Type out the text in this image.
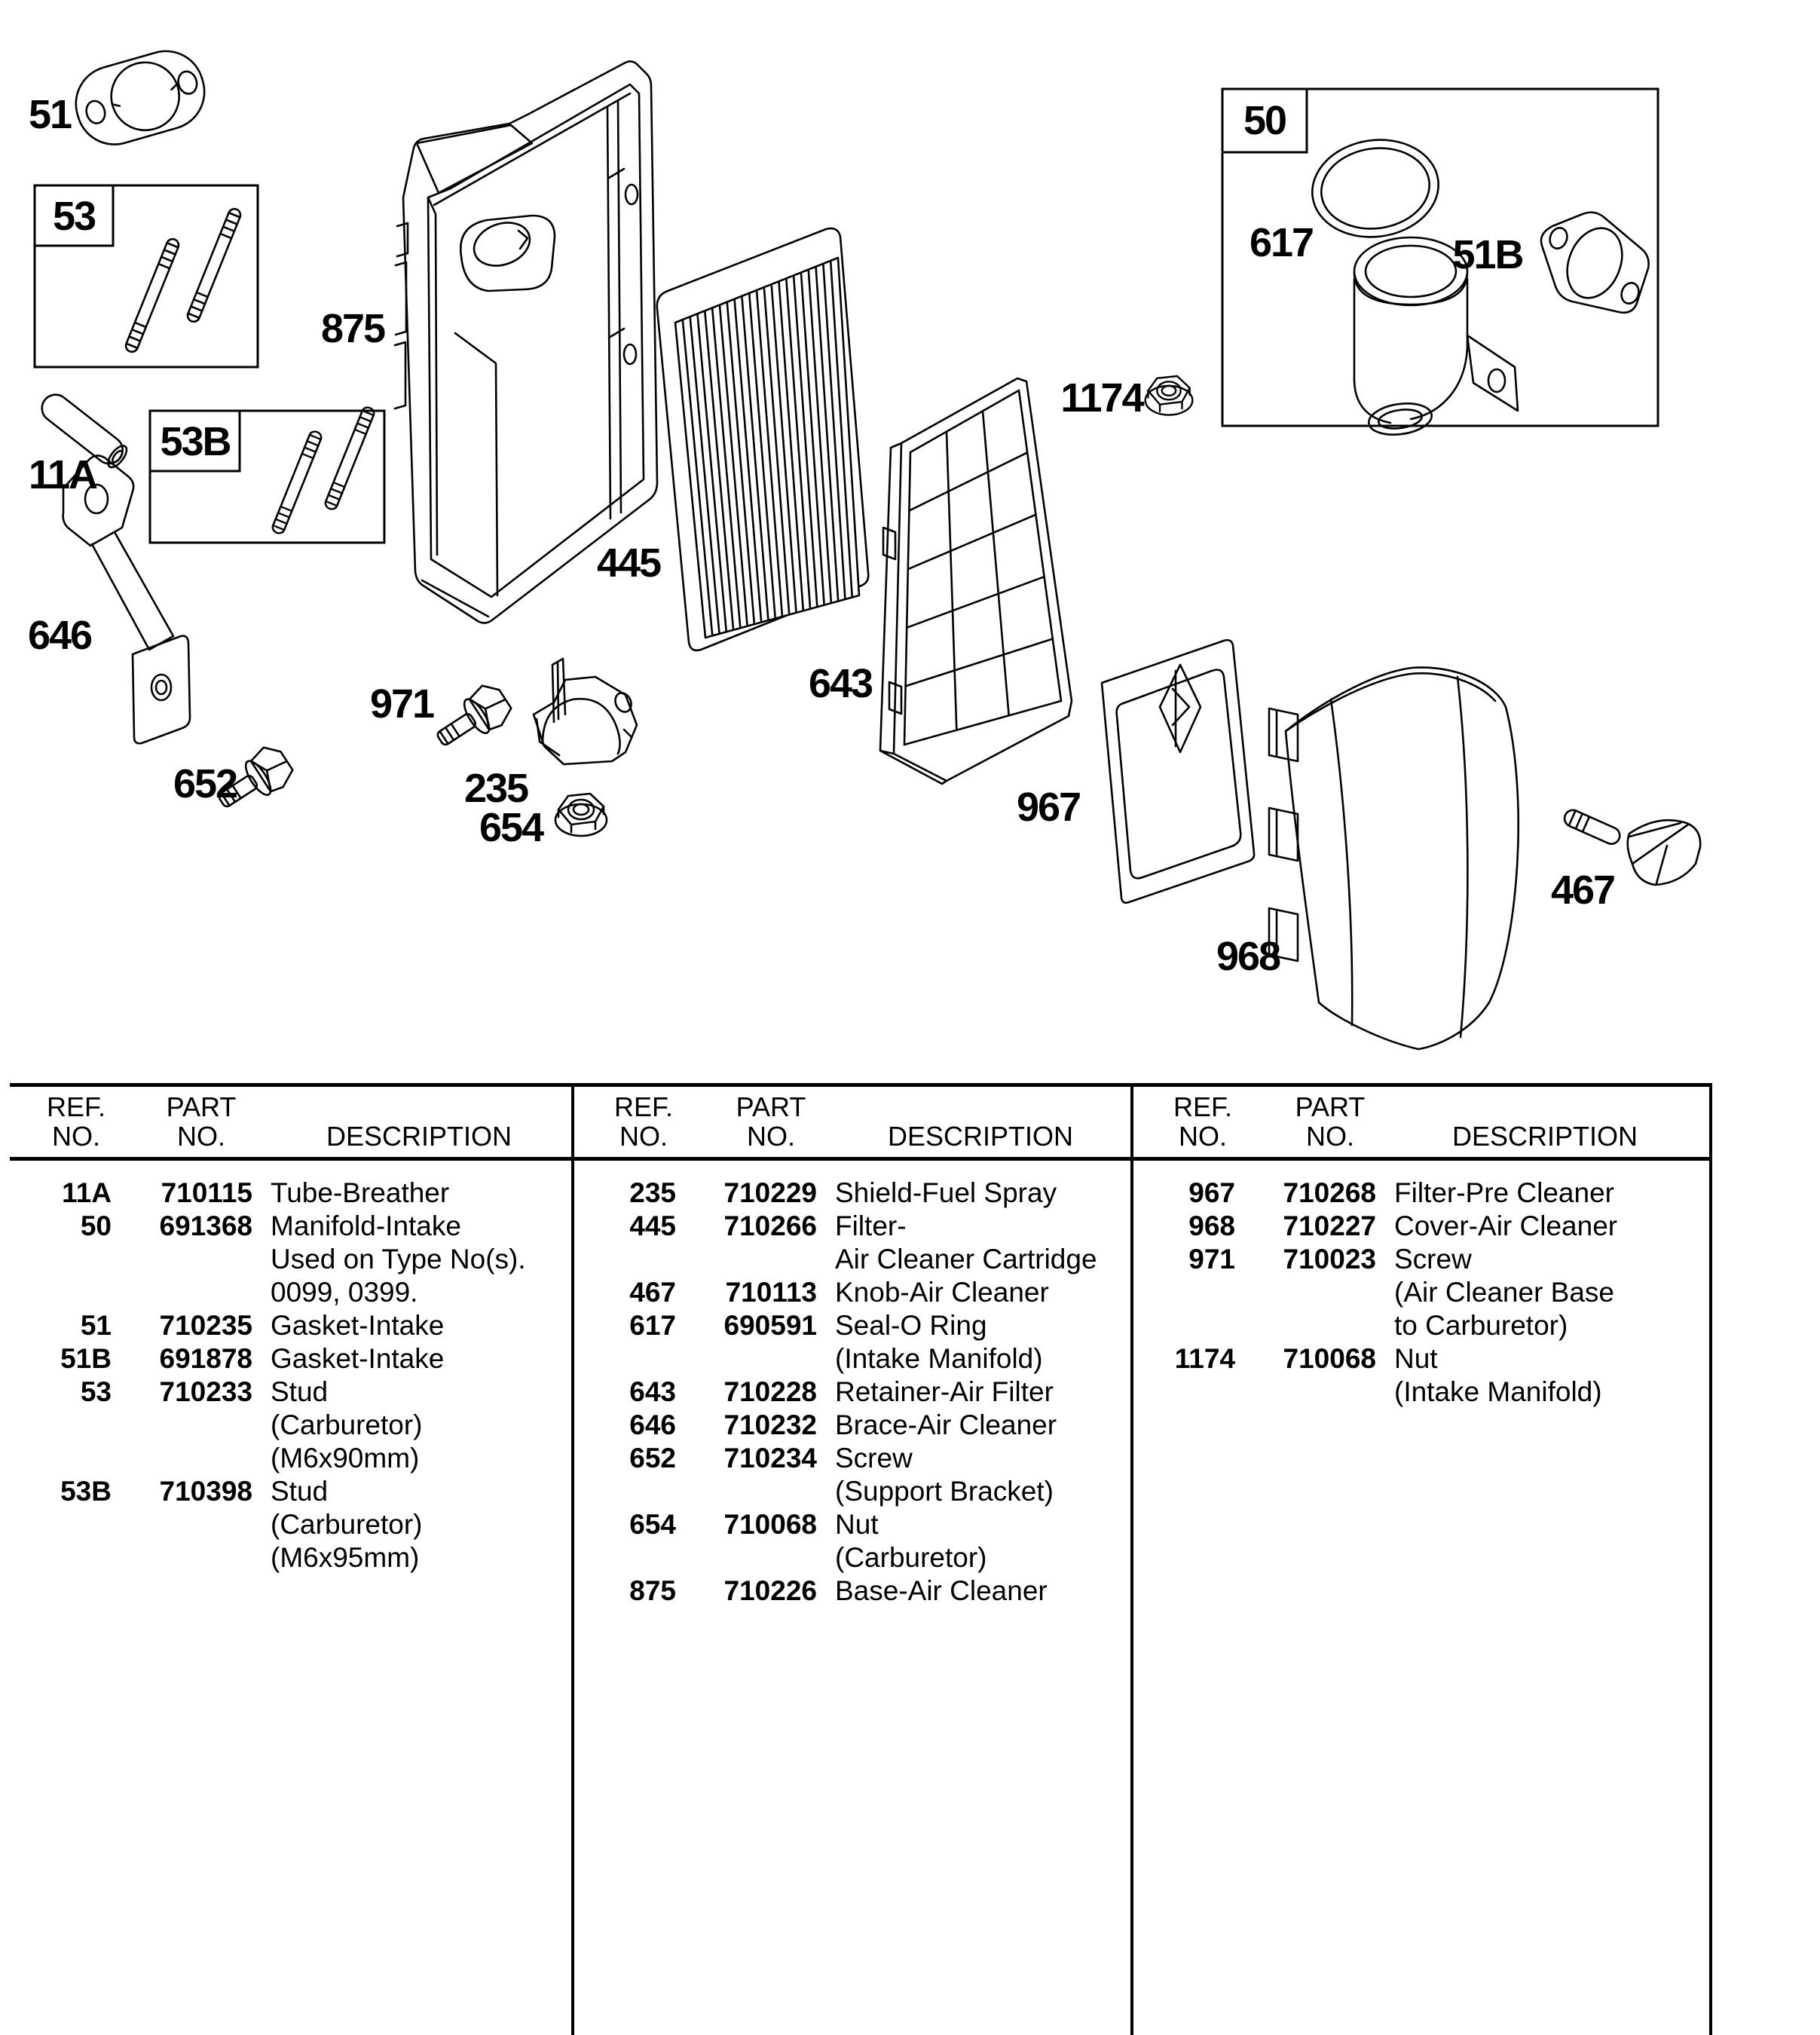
51
53
11A
53B
646
652
875
971
235
654
445
643
1174
967
968
467
50
617	51B
REF.
NO.
PART
NO.	DESCRIPTION
REF.
NO.
PART
NO.	DESCRIPTION
REF.
NO.
PART
NO.	DESCRIPTION
11A	710115 Tube-Breather
50	691368 Manifold-Intake
Used on Type No(s).
0099, 0399.
51	710235 Gasket-Intake
51B	691878 Gasket-Intake
53	710233 Stud
(Carburetor)
(M6x90mm)
53B	710398 Stud
(Carburetor)
(M6x95mm)
235	710229 Shield-Fuel Spray
445	710266 Filter-
Air Cleaner Cartridge
467	710113 Knob-Air Cleaner
617	690591 Seal-O Ring
(Intake Manifold)
643	710228 Retainer-Air Filter
646	710232 Brace-Air Cleaner
652	710234 Screw
(Support Bracket)
654	710068 Nut
(Carburetor)
875	710226 Base-Air Cleaner
967	710268 Filter-Pre Cleaner
968	710227 Cover-Air Cleaner
971	710023 Screw
(Air Cleaner Base
to Carburetor)
1174	710068 Nut
(Intake Manifold)
